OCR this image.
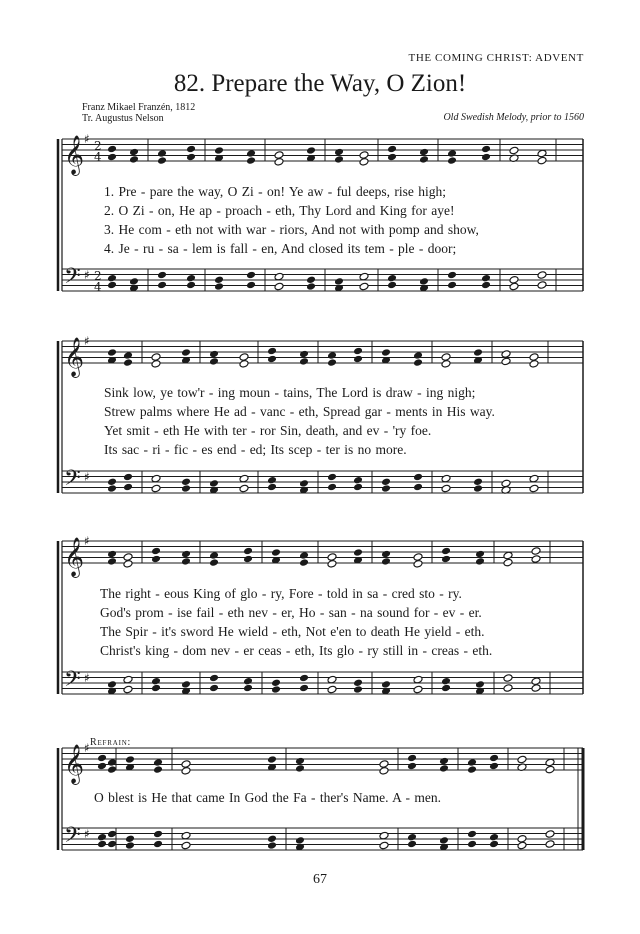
THE COMING CHRIST: ADVENT
82. Prepare the Way, O Zion!
Franz Mikael Franzén, 1812
Tr. Augustus Nelson	Old Swedish Melody, prior to 1560
𝄞
𝄢
♯
♯
2
4
2
4
𝄞
𝄢
♯
♯
𝄞
𝄢
♯
♯
𝄞
𝄢
♯
♯
1. Pre - pare the way, O Zi - on! Ye aw - ful deeps, rise high;
2. O Zi - on, He ap - proach - eth, Thy Lord and King for aye!
3. He com - eth not with war - riors, And not with pomp and show,
4. Je - ru - sa - lem is fall - en, And closed its tem - ple - door;
Sink low, ye tow'r - ing moun - tains, The Lord is draw - ing nigh;
Strew palms where He ad - vanc - eth, Spread gar - ments in His way.
Yet smit - eth He with ter - ror Sin, death, and ev - 'ry foe.
Its sac - ri - fic - es end - ed; Its scep - ter is no more.
The right - eous King of glo - ry, Fore - told in sa - cred sto - ry.
God's prom - ise fail - eth nev - er, Ho - san - na sound for - ev - er.
The Spir - it's sword He wield - eth, Not e'en to death He yield - eth.
Christ's king - dom nev - er ceas - eth, Its glo - ry still in - creas - eth.
Refrain:
O blest is He that came In God the Fa - ther's Name. A - men.
67
